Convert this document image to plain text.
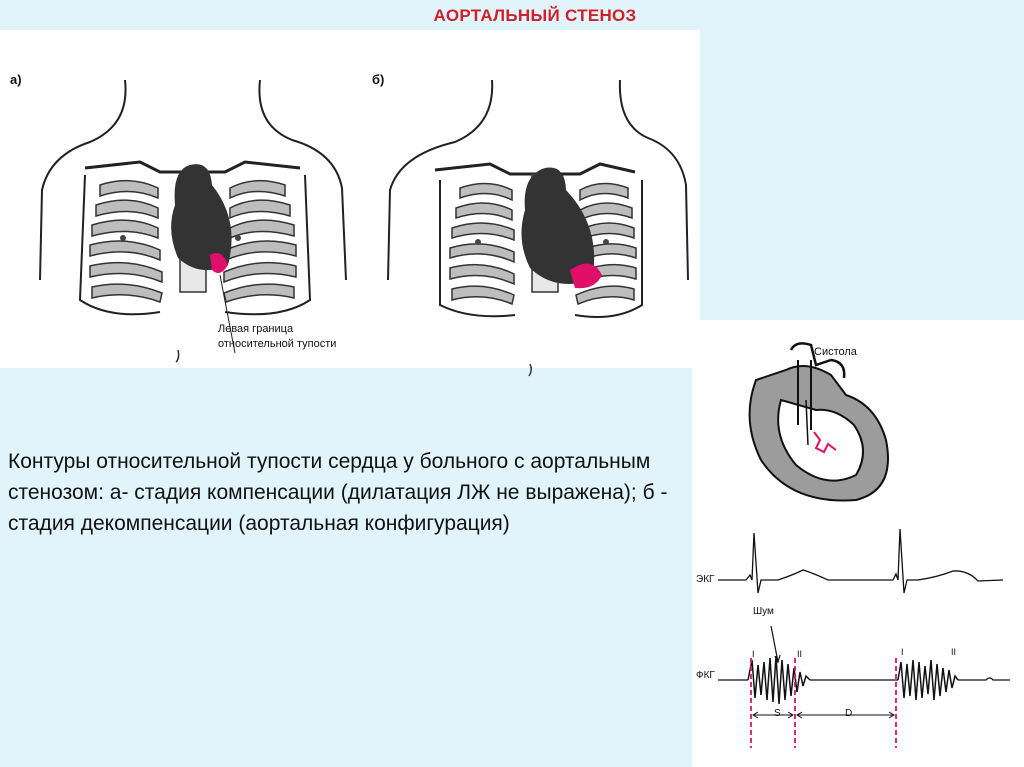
АОРТАЛЬНЫЙ СТЕНОЗ
а)
Левая граница
относительной тупости
б)
Контуры относительной тупости сердца у больного с аортальным стенозом: а- стадия компенсации (дилатация ЛЖ не выражена); б - стадия декомпенсации (аортальная конфигурация)
Систола
ЭКГ
Шум
ФКГ
I	II	I	II
S	D
